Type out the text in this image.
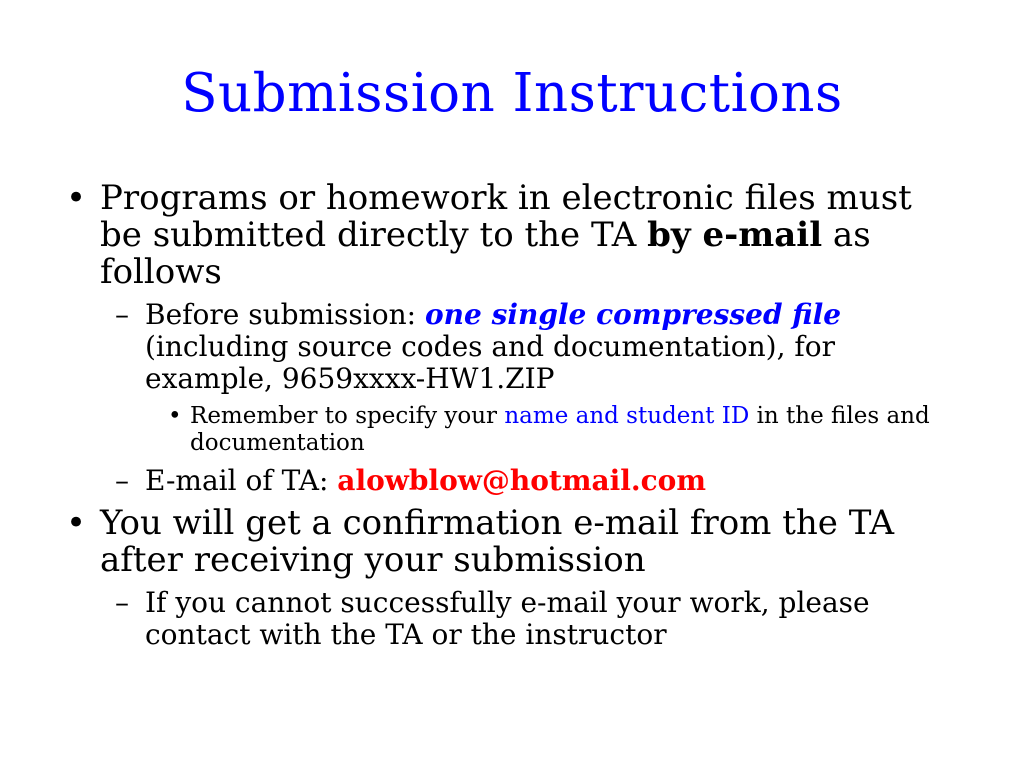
Submission Instructions
• Programs or homework in electronic files must be submitted directly to the TA by e-mail as follows
– Before submission: one single compressed file (including source codes and documentation), for example, 9659xxxx-HW1.ZIP
• Remember to specify your name and student ID in the files and documentation
– E-mail of TA: alowblow@hotmail.com
• You will get a confirmation e-mail from the TA after receiving your submission
– If you cannot successfully e-mail your work, please contact with the TA or the instructor
